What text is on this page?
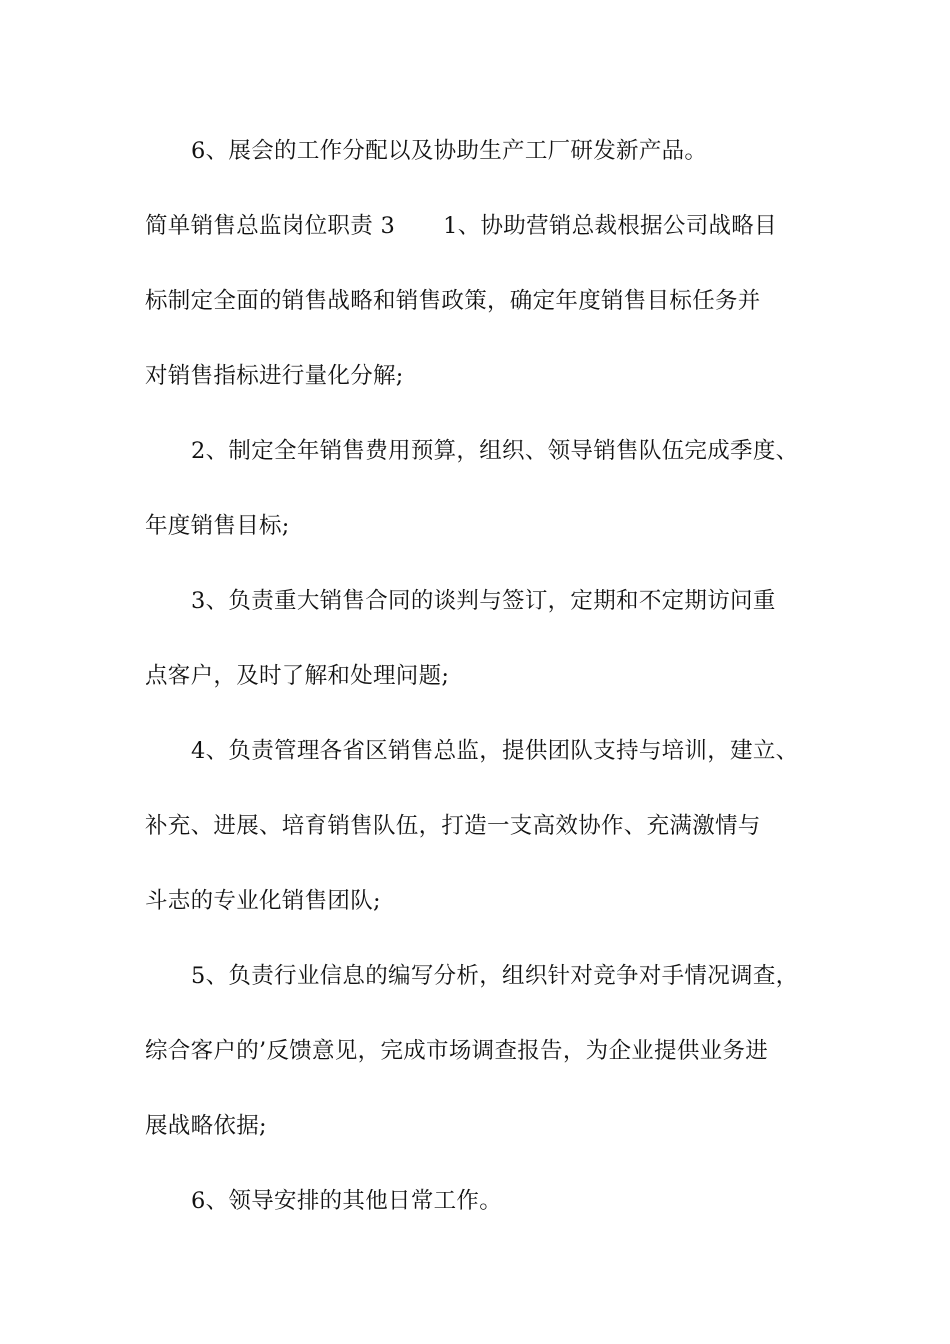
6、展会的工作分配以及协助生产工厂研发新产品。
简单销售总监岗位职责 3 1、协助营销总裁根据公司战略目
标制定全面的销售战略和销售政策，确定年度销售目标任务并
对销售指标进行量化分解;
2、制定全年销售费用预算，组织、领导销售队伍完成季度、
年度销售目标;
3、负责重大销售合同的谈判与签订，定期和不定期访问重
点客户，及时了解和处理问题;
4、负责管理各省区销售总监，提供团队支持与培训，建立、
补充、进展、培育销售队伍，打造一支高效协作、充满激情与
斗志的专业化销售团队;
5、负责行业信息的编写分析，组织针对竞争对手情况调查，
综合客户的’反馈意见，完成市场调查报告，为企业提供业务进
展战略依据;
6、领导安排的其他日常工作。
